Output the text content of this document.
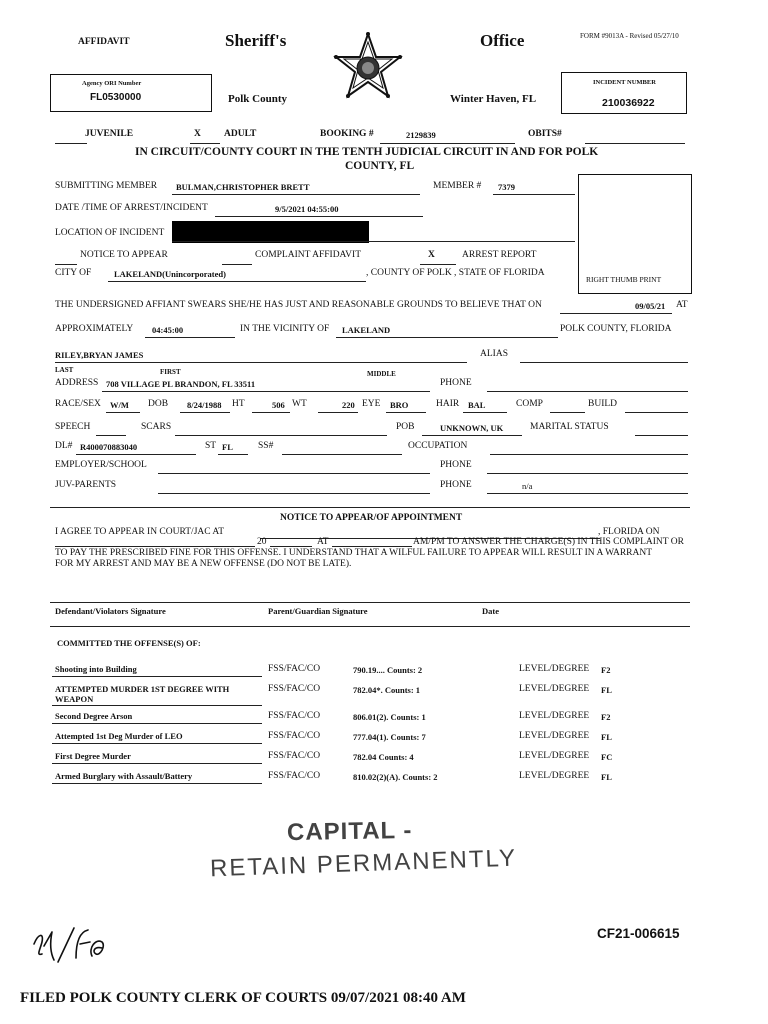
AFFIDAVIT	Sheriff's	Office	FORM #9013A - Revised 05/27/10
Agency ORI Number
FL0530000	Polk County	Winter Haven, FL
INCIDENT NUMBER
210036922
JUVENILE	X ADULT	BOOKING #	2129839	OBITS#
IN CIRCUIT/COUNTY COURT IN THE TENTH JUDICIAL CIRCUIT IN AND FOR POLK
COUNTY, FL
RIGHT THUMB PRINT
SUBMITTING MEMBER BULMAN,CHRISTOPHER BRETT	MEMBER # 7379
DATE /TIME OF ARREST/INCIDENT	9/5/2021 04:55:00
LOCATION OF INCIDENT
NOTICE TO APPEAR	COMPLAINT AFFIDAVIT	X	ARREST REPORT
CITY OF	LAKELAND(Unincorporated)	, COUNTY OF POLK , STATE OF FLORIDA
THE UNDERSIGNED AFFIANT SWEARS SHE/HE HAS JUST AND REASONABLE GROUNDS TO BELIEVE THAT ON	09/05/21 AT
APPROXIMATELY 04:45:00	IN THE VICINITY OF LAKELAND	POLK COUNTY, FLORIDA
RILEY,BRYAN JAMES	ALIAS
LAST	FIRST	MIDDLE
ADDRESS 708 VILLAGE PL BRANDON, FL 33511	PHONE
RACE/SEX W/M DOB 8/24/1988 HT	506 WT	220 EYE BRO	HAIR BAL	COMP	BUILD
SPEECH	SCARS	POB	UNKNOWN, UK	MARITAL STATUS
DL# R400070883040	ST FL	SS#	OCCUPATION
EMPLOYER/SCHOOL	PHONE
JUV-PARENTS	PHONE	n/a
NOTICE TO APPEAR/OF APPOINTMENT
I AGREE TO APPEAR IN COURT/JAC AT	, FLORIDA ON
20	AT	AM/PM TO ANSWER THE CHARGE(S) IN THIS COMPLAINT OR
TO PAY THE PRESCRIBED FINE FOR THIS OFFENSE. I UNDERSTAND THAT A WILFUL FAILURE TO APPEAR WILL RESULT IN A WARRANT
FOR MY ARREST AND MAY BE A NEW OFFENSE (DO NOT BE LATE).
Defendant/Violators Signature	Parent/Guardian Signature	Date
COMMITTED THE OFFENSE(S) OF:
Shooting into Building	FSS/FAC/CO	790.19.... Counts: 2	LEVEL/DEGREE F2
ATTEMPTED MURDER 1ST DEGREE WITH
WEAPON
FSS/FAC/CO	782.04*. Counts: 1	LEVEL/DEGREE FL
Second Degree Arson	FSS/FAC/CO	806.01(2). Counts: 1	LEVEL/DEGREE F2
Attempted 1st Deg Murder of LEO	FSS/FAC/CO	777.04(1). Counts: 7	LEVEL/DEGREE FL
First Degree Murder	FSS/FAC/CO	782.04 Counts: 4	LEVEL/DEGREE FC
Armed Burglary with Assault/Battery	FSS/FAC/CO	810.02(2)(A). Counts: 2	LEVEL/DEGREE FL
CAPITAL -
RETAIN PERMANENTLY
CF21-006615
FILED POLK COUNTY CLERK OF COURTS 09/07/2021 08:40 AM
